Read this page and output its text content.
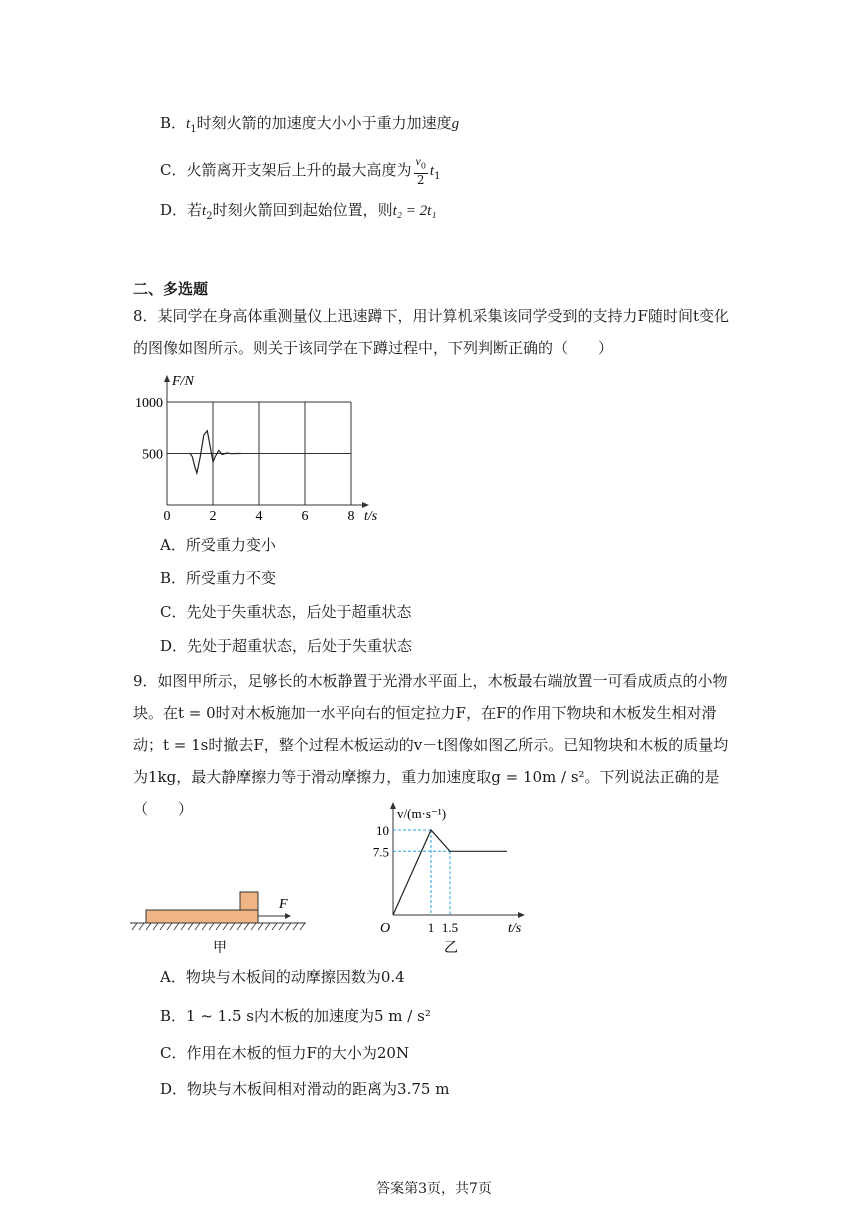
B．$t_1$时刻火箭的加速度大小小于重力加速度g
C．火箭离开支架后上升的最大高度为 $\frac{v_0}{2} t_1$
D．若$t_2$时刻火箭回到起始位置，则t₂ = 2t₁
二、多选题
8．某同学在身高体重测量仪上迅速蹲下，用计算机采集该同学受到的支持力F随时间t变化的图像如图所示。则关于该同学在下蹲过程中，下列判断正确的（　　）
F/N
t/s
500
1000
0	2	4	6	8
A．所受重力变小
B．所受重力不变
C．先处于失重状态，后处于超重状态
D．先处于超重状态，后处于失重状态
9．如图甲所示，足够长的木板静置于光滑水平面上，木板最右端放置一可看成质点的小物块。在t = 0时对木板施加一水平向右的恒定拉力F，在F的作用下物块和木板发生相对滑动；t = 1s时撤去F，整个过程木板运动的v－t图像如图乙所示。已知物块和木板的质量均为1kg，最大静摩擦力等于滑动摩擦力，重力加速度取g = 10m / s²。下列说法正确的是（　　）
F
甲
v/(m·s⁻¹)
t/s
O
7.5
10
1 1.5
乙
A．物块与木板间的动摩擦因数为0.4
B．1 ~ 1.5 s内木板的加速度为5 m / s²
C．作用在木板的恒力F的大小为20N
D．物块与木板间相对滑动的距离为3.75 m
答案第3页，共7页
